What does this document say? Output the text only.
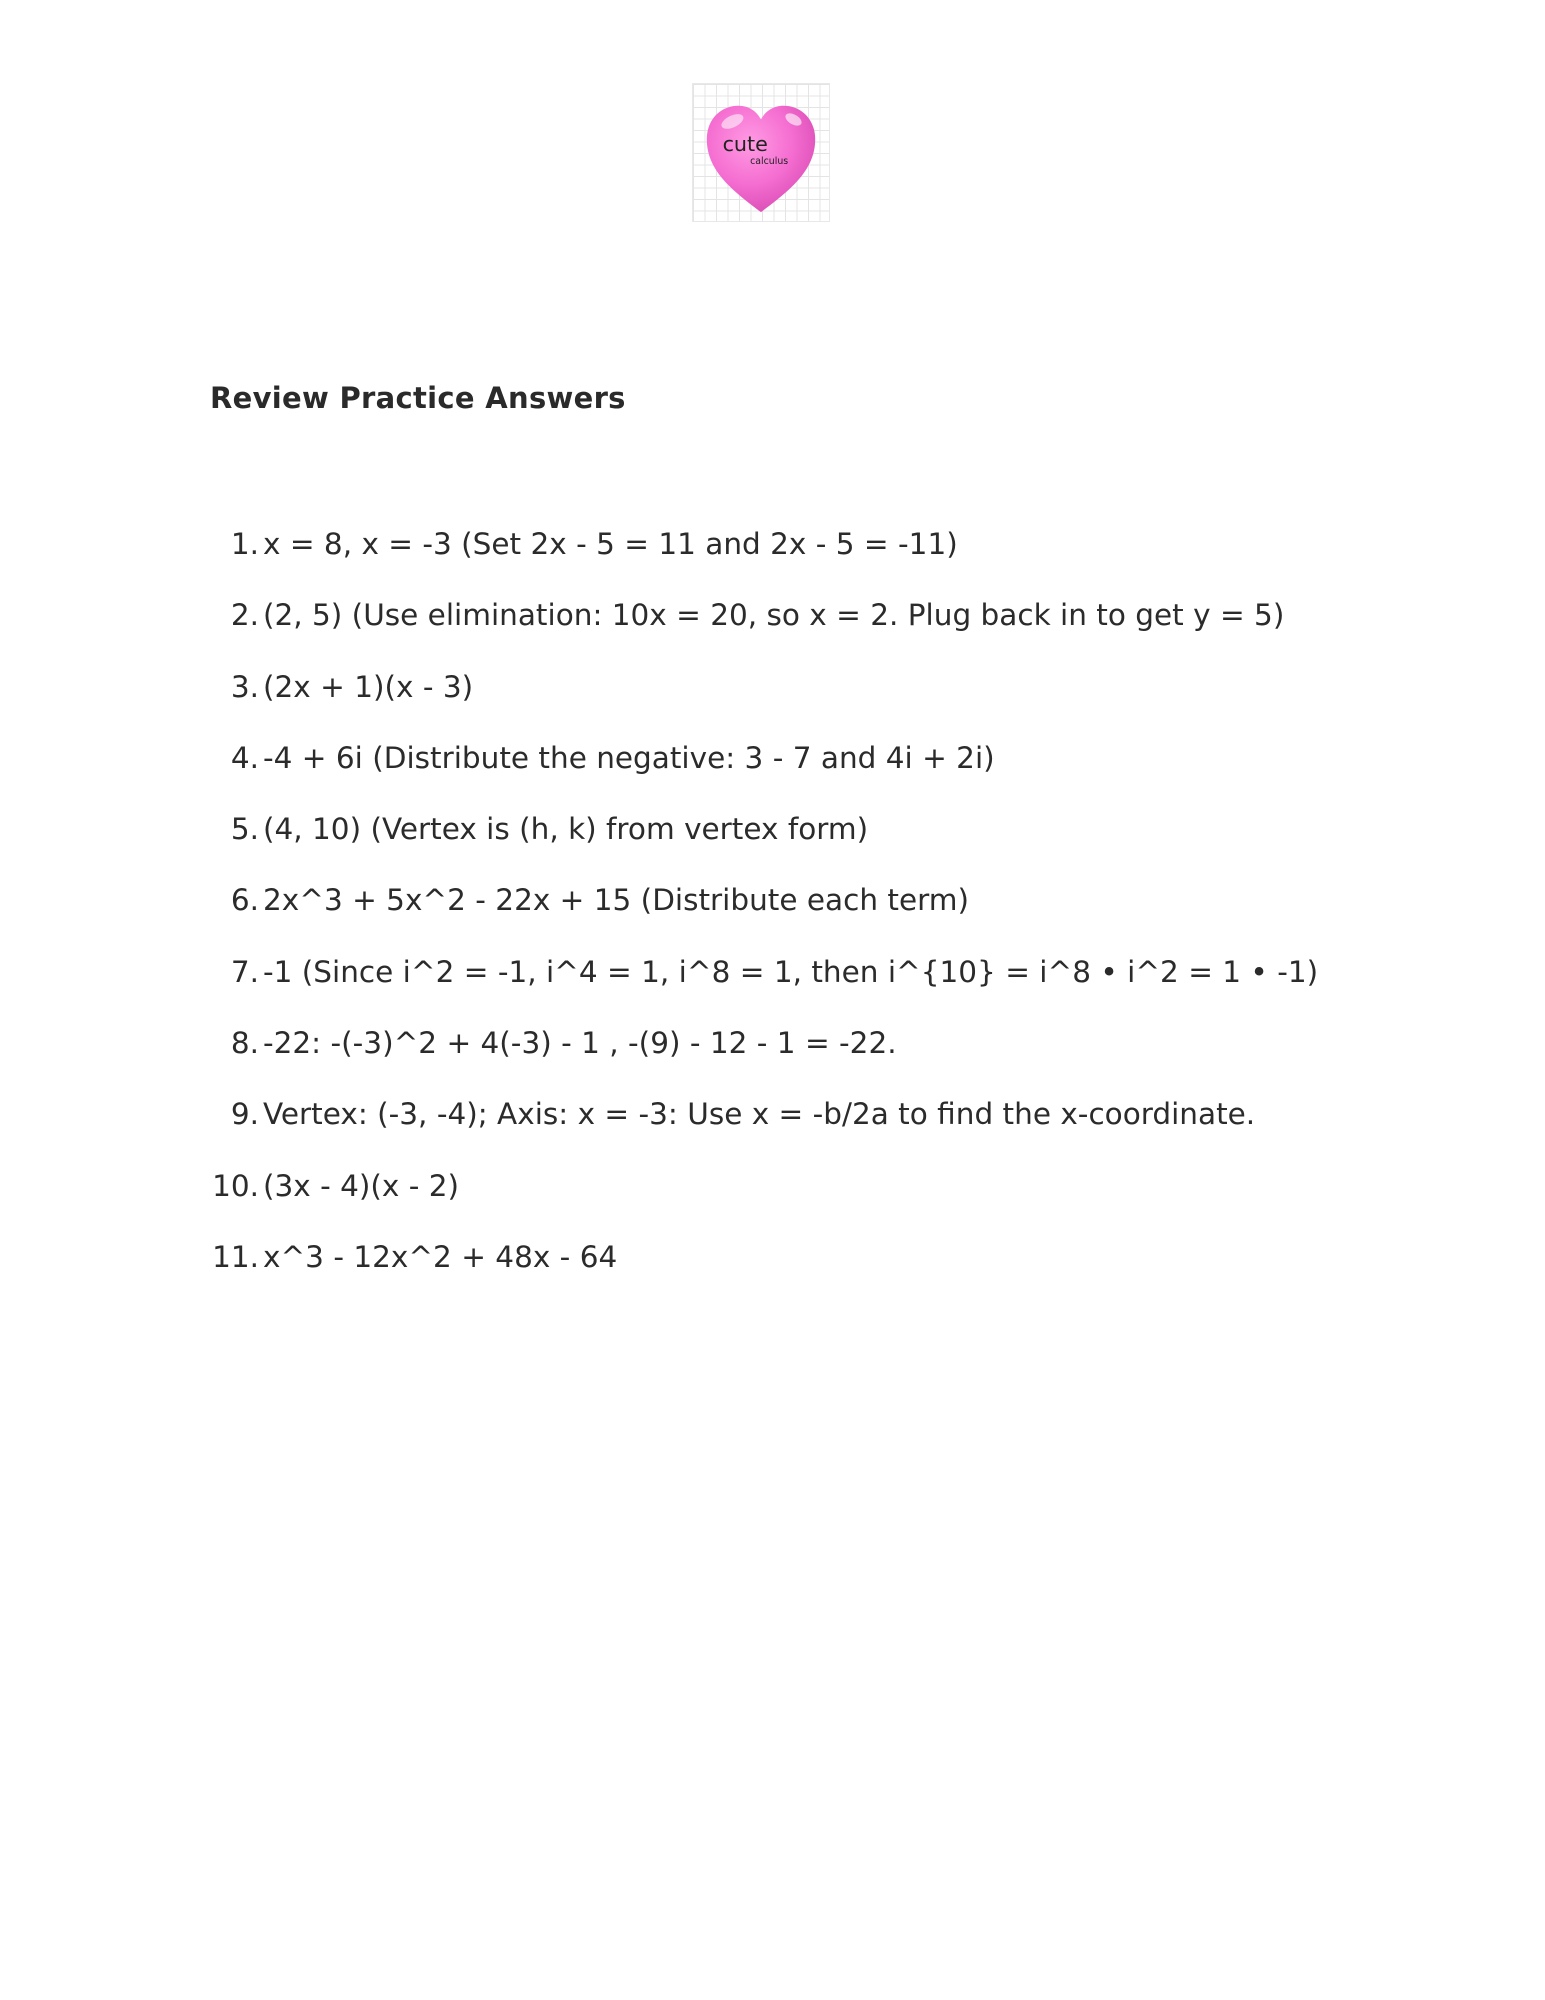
cute
calculus
Review Practice Answers
1. x = 8, x = -3 (Set 2x - 5 = 11 and 2x - 5 = -11)
2. (2, 5) (Use elimination: 10x = 20, so x = 2. Plug back in to get y = 5)
3. (2x + 1)(x - 3)
4. -4 + 6i (Distribute the negative: 3 - 7 and 4i + 2i)
5. (4, 10) (Vertex is (h, k) from vertex form)
6. 2x^3 + 5x^2 - 22x + 15 (Distribute each term)
7. -1 (Since i^2 = -1, i^4 = 1, i^8 = 1, then i^{10} = i^8 • i^2 = 1 • -1)
8. -22: -(-3)^2 + 4(-3) - 1 , -(9) - 12 - 1 = -22.
9. Vertex: (-3, -4); Axis: x = -3: Use x = -b/2a to find the x-coordinate.
10. (3x - 4)(x - 2)
11. x^3 - 12x^2 + 48x - 64
